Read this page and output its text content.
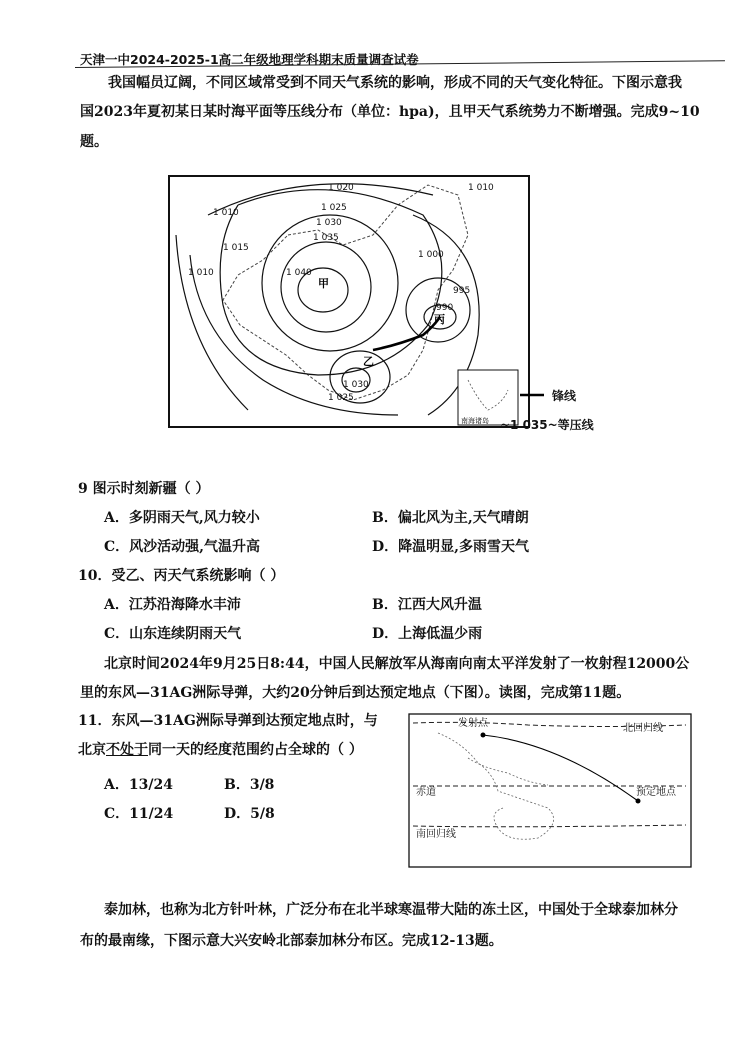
天津一中2024-2025-1高二年级地理学科期末质量调查试卷
我国幅员辽阔，不同区域常受到不同天气系统的影响，形成不同的天气变化特征。下图示意我
国2023年夏初某日某时海平面等压线分布（单位：hpa)，且甲天气系统势力不断增强。完成9~10
题。
南海诸岛
1 020
1 010	1 025
1 030
1 035
1 040
1 015
1 010
1 010
1 000
995
990
1 030
1 025
甲
乙
丙
锋线
~1 035~等压线
9 图示时刻新疆（ ）
A．多阴雨天气,风力较小	B．偏北风为主,天气晴朗
C．风沙活动强,气温升高	D．降温明显,多雨雪天气
10．受乙、丙天气系统影响（ ）
A．江苏沿海降水丰沛	B．江西大风升温
C．山东连续阴雨天气	D．上海低温少雨
北京时间2024年9月25日8:44，中国人民解放军从海南向南太平洋发射了一枚射程12000公
里的东风—31AG洲际导弹，大约20分钟后到达预定地点（下图）。读图，完成第11题。
11．东风—31AG洲际导弹到达预定地点时，与
北京不处于同一天的经度范围约占全球的（ ）
A．13/24	B．3/8
C．11/24	D．5/8
发射点	北回归线
赤道	预定地点
南回归线
泰加林，也称为北方针叶林，广泛分布在北半球寒温带大陆的冻土区，中国处于全球泰加林分
布的最南缘，下图示意大兴安岭北部泰加林分布区。完成12-13题。
